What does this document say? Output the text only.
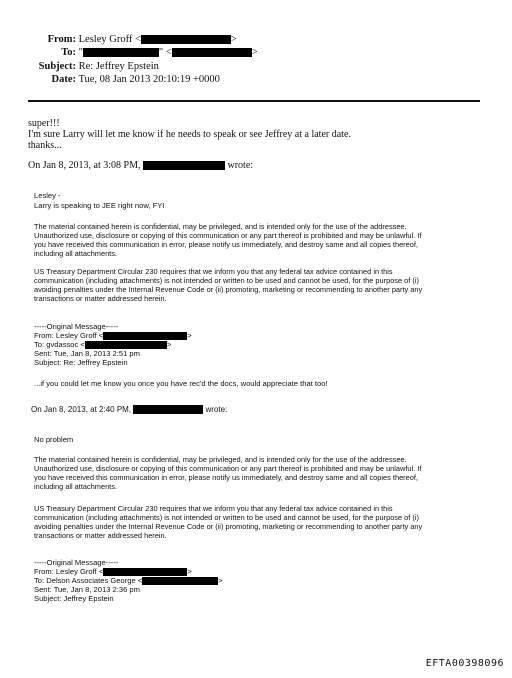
From: Lesley Groff <	>
To: "	" <	>
Subject: Re: Jeffrey Epstein
Date: Tue, 08 Jan 2013 20:10:19 +0000
super!!!
I'm sure Larry will let me know if he needs to speak or see Jeffrey at a later date.
thanks...
On Jan 8, 2013, at 3:08 PM,	wrote:
Lesley -
Larry is speaking to JEE right now, FYI
The material contained herein is confidential, may be privileged, and is intended only for the use of the addressee.
Unauthorized use, disclosure or copying of this communication or any part thereof is prohibited and may be unlawful. If
you have received this communication in error, please notify us immediately, and destroy same and all copies thereof,
including all attachments.
US Treasury Department Circular 230 requires that we inform you that any federal tax advice contained in this
communication (including attachments) is not intended or written to be used and cannot be used, for the purpose of (i)
avoiding penalties under the Internal Revenue Code or (ii) promoting, marketing or recommending to another party any
transactions or matter addressed herein.
-----Original Message-----
From: Lesley Groff <	>
To: gvdassoc <	>
Sent: Tue, Jan 8, 2013 2:51 pm
Subject: Re: Jeffrey Epstein
...if you could let me know you once you have rec'd the docs, would appreciate that too!
On Jan 8, 2013, at 2:40 PM,	wrote:
No problem
The material contained herein is confidential, may be privileged, and is intended only for the use of the addressee.
Unauthorized use, disclosure or copying of this communication or any part thereof is prohibited and may be unlawful. If
you have received this communication in error, please notify us immediately, and destroy same and all copies thereof,
including all attachments.
US Treasury Department Circular 230 requires that we inform you that any federal tax advice contained in this
communication (including attachments) is not intended or written to be used and cannot be used, for the purpose of (i)
avoiding penalties under the Internal Revenue Code or (ii) promoting, marketing or recommending to another party any
transactions or matter addressed herein.
-----Original Message-----
From: Lesley Groff <	>
To: Delson Associates George <	>
Sent: Tue, Jan 8, 2013 2:36 pm
Subject: Jeffrey Epstein
EFTA00398096
